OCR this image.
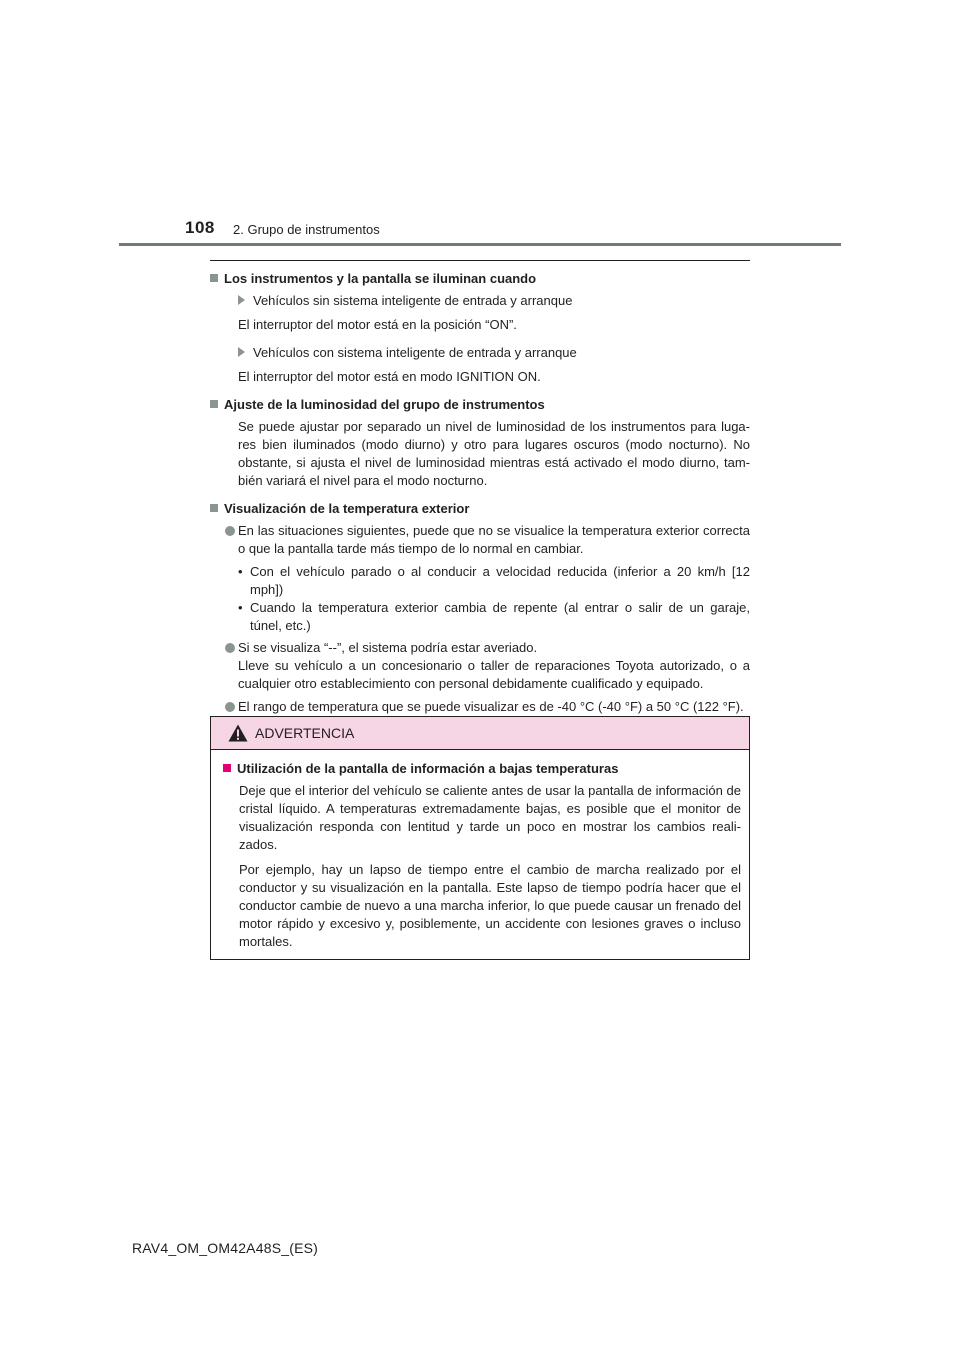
108 2. Grupo de instrumentos
Los instrumentos y la pantalla se iluminan cuando
Vehículos sin sistema inteligente de entrada y arranque
El interruptor del motor está en la posición “ON”.
Vehículos con sistema inteligente de entrada y arranque
El interruptor del motor está en modo IGNITION ON.
Ajuste de la luminosidad del grupo de instrumentos
Se puede ajustar por separado un nivel de luminosidad de los instrumentos para luga-res bien iluminados (modo diurno) y otro para lugares oscuros (modo nocturno). No obstante, si ajusta el nivel de luminosidad mientras está activado el modo diurno, tam-bién variará el nivel para el modo nocturno.
Visualización de la temperatura exterior
En las situaciones siguientes, puede que no se visualice la temperatura exterior correcta o que la pantalla tarde más tiempo de lo normal en cambiar.
• Con el vehículo parado o al conducir a velocidad reducida (inferior a 20 km/h [12 mph])
• Cuando la temperatura exterior cambia de repente (al entrar o salir de un garaje, túnel, etc.)
Si se visualiza “--”, el sistema podría estar averiado.
Lleve su vehículo a un concesionario o taller de reparaciones Toyota autorizado, o a cualquier otro establecimiento con personal debidamente cualificado y equipado.
El rango de temperatura que se puede visualizar es de -40 °C (-40 °F) a 50 °C (122 °F).
ADVERTENCIA
Utilización de la pantalla de información a bajas temperaturas
Deje que el interior del vehículo se caliente antes de usar la pantalla de información de cristal líquido. A temperaturas extremadamente bajas, es posible que el monitor de visualización responda con lentitud y tarde un poco en mostrar los cambios reali-zados.
Por ejemplo, hay un lapso de tiempo entre el cambio de marcha realizado por el conductor y su visualización en la pantalla. Este lapso de tiempo podría hacer que el conductor cambie de nuevo a una marcha inferior, lo que puede causar un frenado del motor rápido y excesivo y, posiblemente, un accidente con lesiones graves o incluso mortales.
RAV4_OM_OM42A48S_(ES)
